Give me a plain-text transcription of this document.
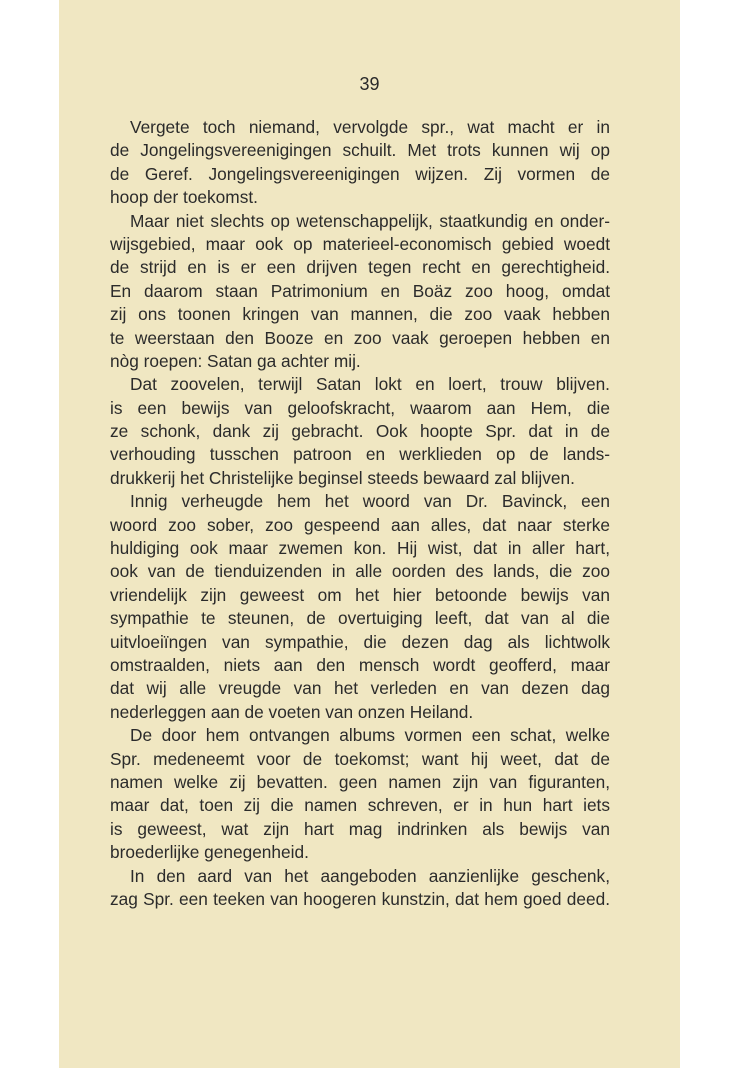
39
Vergete toch niemand, vervolgde spr., wat macht er in
de Jongelingsvereenigingen schuilt. Met trots kunnen wij op
de Geref. Jongelingsvereenigingen wijzen. Zij vormen de
hoop der toekomst.
Maar niet slechts op wetenschappelijk, staatkundig en onder-
wijsgebied, maar ook op materieel-economisch gebied woedt
de strijd en is er een drijven tegen recht en gerechtigheid.
En daarom staan Patrimonium en Boäz zoo hoog, omdat
zij ons toonen kringen van mannen, die zoo vaak hebben
te weerstaan den Booze en zoo vaak geroepen hebben en
nòg roepen: Satan ga achter mij.
Dat zoovelen, terwijl Satan lokt en loert, trouw blijven.
is een bewijs van geloofskracht, waarom aan Hem, die
ze schonk, dank zij gebracht. Ook hoopte Spr. dat in de
verhouding tusschen patroon en werklieden op de lands-
drukkerij het Christelijke beginsel steeds bewaard zal blijven.
Innig verheugde hem het woord van Dr. Bavinck, een
woord zoo sober, zoo gespeend aan alles, dat naar sterke
huldiging ook maar zwemen kon. Hij wist, dat in aller hart,
ook van de tienduizenden in alle oorden des lands, die zoo
vriendelijk zijn geweest om het hier betoonde bewijs van
sympathie te steunen, de overtuiging leeft, dat van al die
uitvloeiïngen van sympathie, die dezen dag als lichtwolk
omstraalden, niets aan den mensch wordt geofferd, maar
dat wij alle vreugde van het verleden en van dezen dag
nederleggen aan de voeten van onzen Heiland.
De door hem ontvangen albums vormen een schat, welke
Spr. medeneemt voor de toekomst; want hij weet, dat de
namen welke zij bevatten. geen namen zijn van figuranten,
maar dat, toen zij die namen schreven, er in hun hart iets
is geweest, wat zijn hart mag indrinken als bewijs van
broederlijke genegenheid.
In den aard van het aangeboden aanzienlijke geschenk,
zag Spr. een teeken van hoogeren kunstzin, dat hem goed deed.
